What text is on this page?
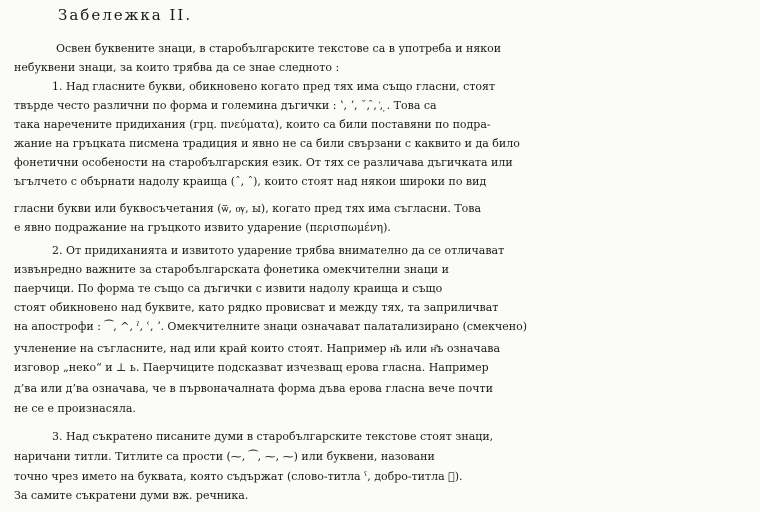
Забележка II.
Освен буквените знаци, в старобългарските текстове са в употреба и някои
небуквени знаци, за които трябва да се знае следното :
1. Над гласните букви, обикновено когато пред тях има също гласни, стоят
твърде често различни по форма и големина дъгички : ʽ, ʼ, ˘, ̑, ᷾, ̦. Това са
така наречените придихания (грц. πνεύματα), които са били поставяни по подра-
жание на гръцката писмена традиция и явно не са били свързани с каквито и да било
фонетични особености на старобългарския език. От тях се различава дъгичката или
ъгълчето с обърнати надолу краища (ˆ, ˆ), които стоят над някои широки по вид
гласни букви или буквосъчетания (ѿ, ѹ, ы), когато пред тях има съгласни. Това
е явно подражание на гръцкото извито ударение (περισπωμένη).
2. От придиханията и извитото ударение трябва внимателно да се отличават
извънредно важните за старобългарската фонетика омекчителни знаци и
паерчици. По форма те също са дъгички с извити надолу краища и също
стоят обикновено над буквите, като рядко провисват и между тях, та заприличват
на апострофи : ⁀, ^, ˀ, ʿ, ʼ. Омекчителните знаци означават палатализирано (смекчено)
учленение на съгласните, над или край които стоят. Например н҄ь или н҄ъ означава
изговор „неко“ и ⊥ ь. Паерчиците подсказват изчезващ ерова гласна. Например
д’ва или д’ва означава, че в първоначалната форма дъва ерова гласна вече почти
не се е произнасяла.
3. Над съкратено писаните думи в старобългарските текстове стоят знаци,
наричани титли. Титлите са прости (⁓, ⁀, ⁓, ⁓) или буквени, назовани
точно чрез името на буквата, която съдържат (слово-титла ˁ, добро-титла ᷧ).
За самите съкратени думи вж. речника.
